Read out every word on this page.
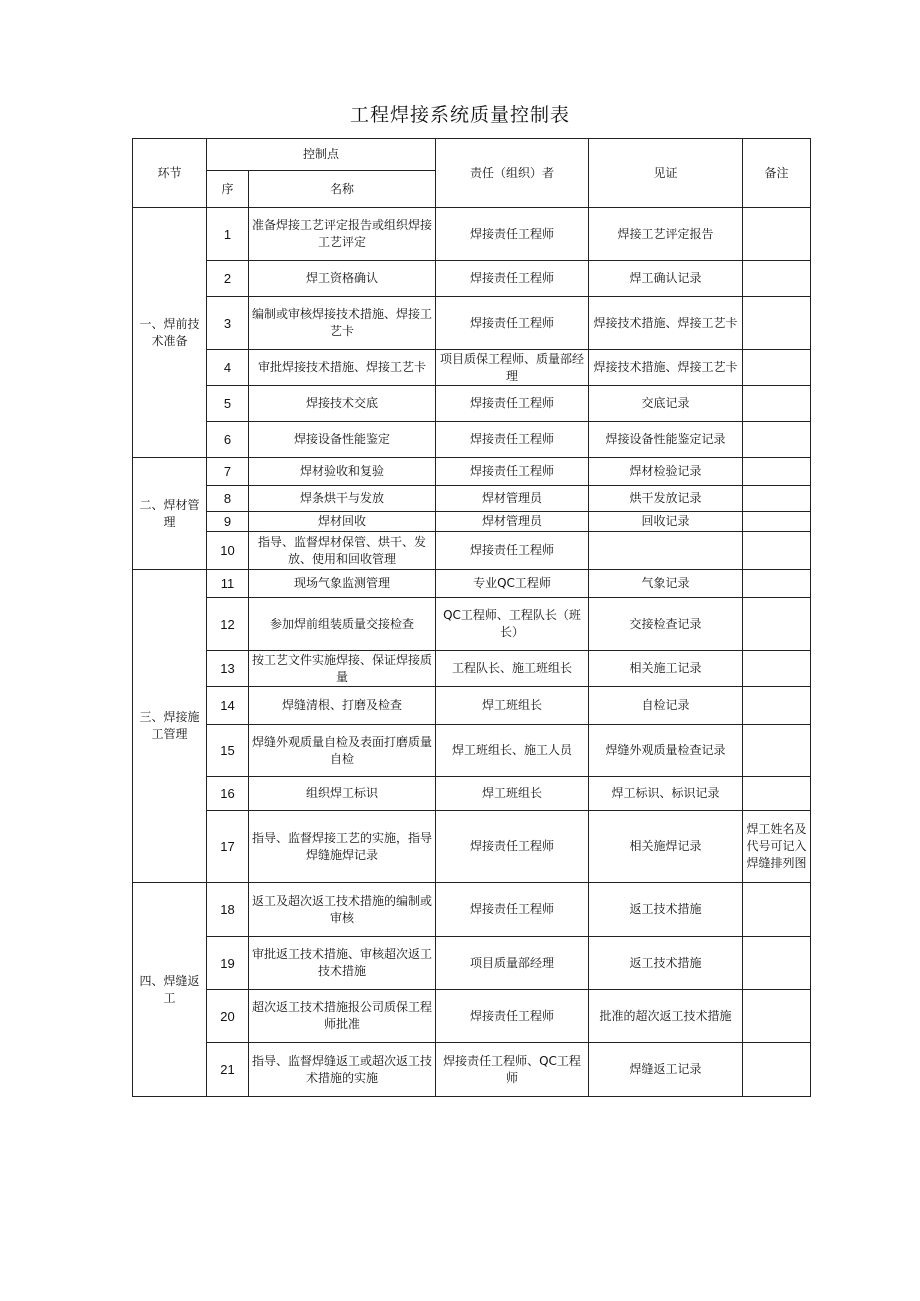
工程焊接系统质量控制表
环节	控制点		责任（组织）者	见证	备注
	序	名称			
一、焊前技术准备	1	准备焊接工艺评定报告或组织焊接工艺评定	焊接责任工程师	焊接工艺评定报告	
	2	焊工资格确认	焊接责任工程师	焊工确认记录	
	3	编制或审核焊接技术措施、焊接工艺卡	焊接责任工程师	焊接技术措施、焊接工艺卡	
	4	审批焊接技术措施、焊接工艺卡	项目质保工程师、质量部经理	焊接技术措施、焊接工艺卡	
	5	焊接技术交底	焊接责任工程师	交底记录	
	6	焊接设备性能鉴定	焊接责任工程师	焊接设备性能鉴定记录	
二、焊材管理	7	焊材验收和复验	焊接责任工程师	焊材检验记录	
	8	焊条烘干与发放	焊材管理员	烘干发放记录	
	9	焊材回收	焊材管理员	回收记录	
	10	指导、监督焊材保管、烘干、发放、使用和回收管理	焊接责任工程师		
三、焊接施工管理	11	现场气象监测管理	专业QC工程师	气象记录	
	12	参加焊前组装质量交接检查	QC工程师、工程队长（班长）	交接检查记录	
	13	按工艺文件实施焊接、保证焊接质量	工程队长、施工班组长	相关施工记录	
	14	焊缝清根、打磨及检查	焊工班组长	自检记录	
	15	焊缝外观质量自检及表面打磨质量自检	焊工班组长、施工人员	焊缝外观质量检查记录	
	16	组织焊工标识	焊工班组长	焊工标识、标识记录	
	17	指导、监督焊接工艺的实施，指导焊缝施焊记录	焊接责任工程师	相关施焊记录	焊工姓名及代号可记入焊缝排列图
四、焊缝返工	18	返工及超次返工技术措施的编制或审核	焊接责任工程师	返工技术措施	
	19	审批返工技术措施、审核超次返工技术措施	项目质量部经理	返工技术措施	
	20	超次返工技术措施报公司质保工程师批准	焊接责任工程师	批准的超次返工技术措施	
	21	指导、监督焊缝返工或超次返工技术措施的实施	焊接责任工程师、QC工程师	焊缝返工记录	
